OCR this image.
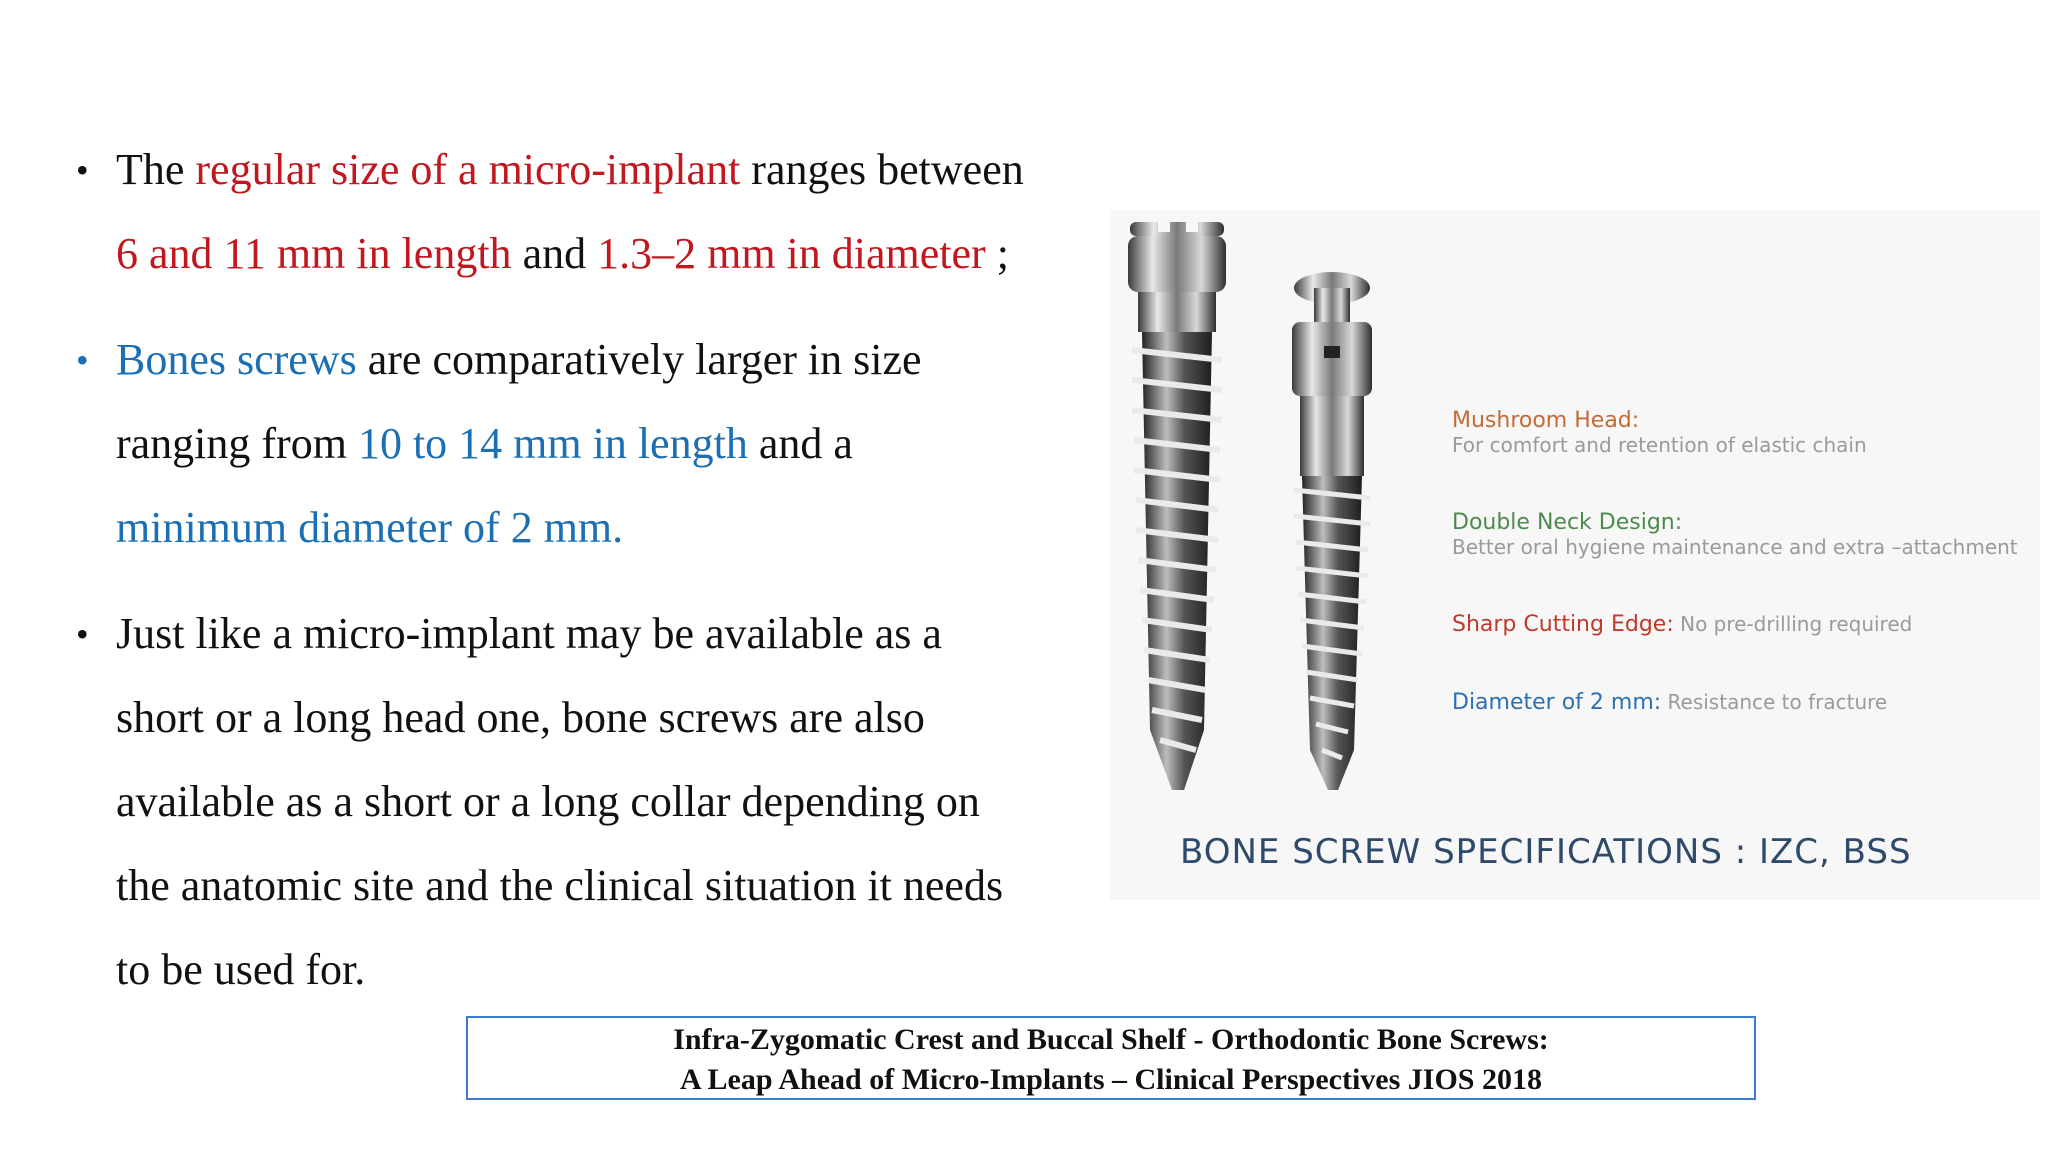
• The regular size of a micro-implant ranges between
6 and 11 mm in length and 1.3–2 mm in diameter ;
• Bones screws are comparatively larger in size
ranging from 10 to 14 mm in length and a
minimum diameter of 2 mm.
• Just like a micro-implant may be available as a
short or a long head one, bone screws are also
available as a short or a long collar depending on
the anatomic site and the clinical situation it needs
to be used for.
Mushroom Head:
For comfort and retention of elastic chain
Double Neck Design:
Better oral hygiene maintenance and extra –attachment
Sharp Cutting Edge: No pre-drilling required
Diameter of 2 mm: Resistance to fracture
BONE SCREW SPECIFICATIONS : IZC, BSS
Infra-Zygomatic Crest and Buccal Shelf - Orthodontic Bone Screws:
A Leap Ahead of Micro-Implants – Clinical Perspectives JIOS 2018
